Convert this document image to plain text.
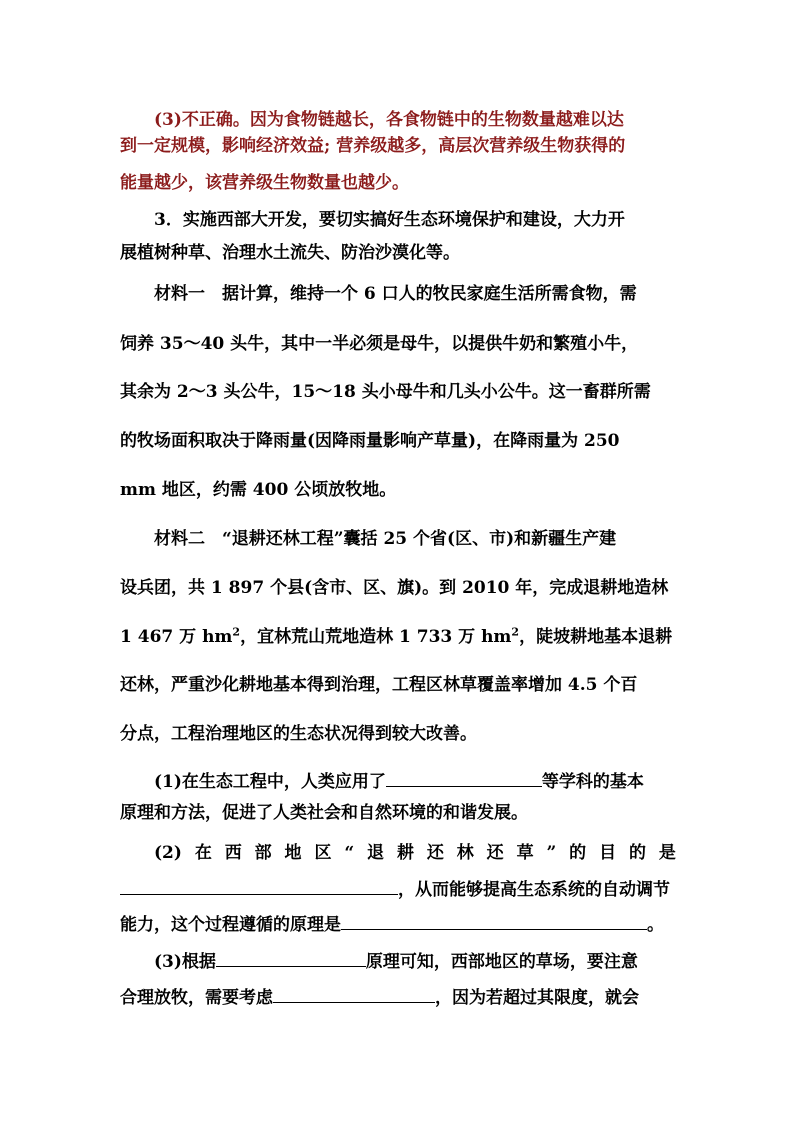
(3)不正确。因为食物链越长，各食物链中的生物数量越难以达
到一定规模，影响经济效益; 营养级越多，高层次营养级生物获得的
能量越少，该营养级生物数量也越少。
3．实施西部大开发，要切实搞好生态环境保护和建设，大力开
展植树种草、治理水土流失、防治沙漠化等。
材料一　据计算，维持一个 6 口人的牧民家庭生活所需食物，需
饲养 35～40 头牛，其中一半必须是母牛，以提供牛奶和繁殖小牛，
其余为 2～3 头公牛，15～18 头小母牛和几头小公牛。这一畜群所需
的牧场面积取决于降雨量(因降雨量影响产草量)，在降雨量为 250
mm 地区，约需 400 公顷放牧地。
材料二　“退耕还林工程”囊括 25 个省(区、市)和新疆生产建
设兵团，共 1 897 个县(含市、区、旗)。到 2010 年，完成退耕地造林
1 467 万 $hm^2$，宜林荒山荒地造林 1 733 万 $hm^2$，陡坡耕地基本退耕
还林，严重沙化耕地基本得到治理，工程区林草覆盖率增加 4.5 个百
分点，工程治理地区的生态状况得到较大改善。
(1)在生态工程中，人类应用了	等学科的基本
原理和方法，促进了人类社会和自然环境的和谐发展。
(2) 在 西 部 地 区 “ 退 耕 还 林 还 草 ” 的 目 的 是
，从而能够提高生态系统的自动调节
能力，这个过程遵循的原理是	。
(3)根据	原理可知，西部地区的草场，要注意
合理放牧，需要考虑	，因为若超过其限度，就会
